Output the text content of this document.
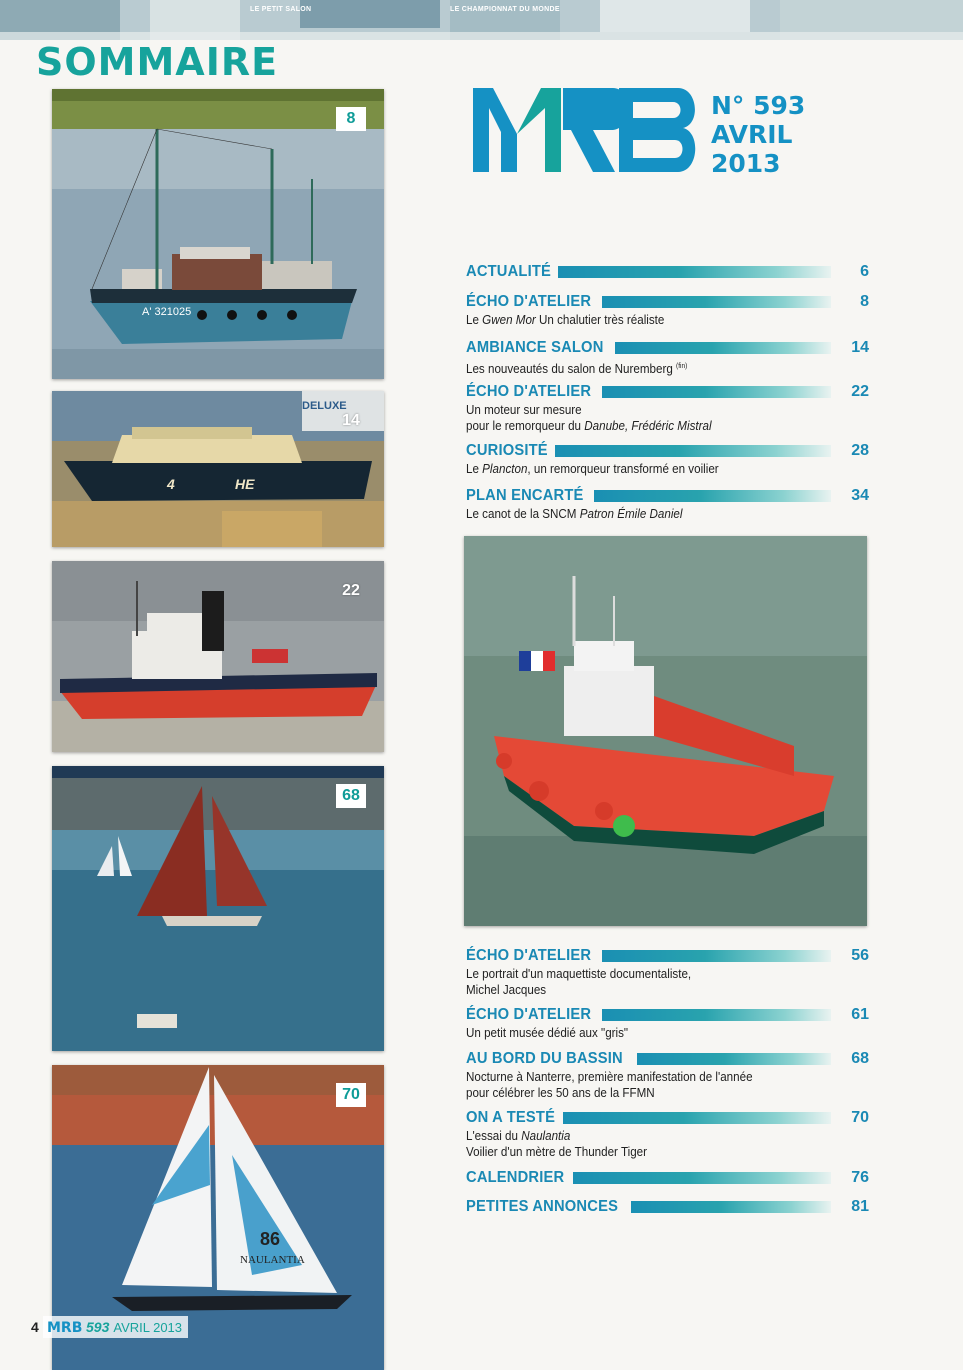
LE CHAMPIONNAT DU MONDE
LE PETIT SALON
SOMMAIRE
A' 321025
8
4	HE
DELUXE
14
22
68
86
NAULANTIA
70
N° 593
AVRIL
2013
ACTUALITÉ	6
ÉCHO D'ATELIER	8
Le Gwen Mor Un chalutier très réaliste
AMBIANCE SALON	14
Les nouveautés du salon de Nuremberg $^{(fin)}$
ÉCHO D'ATELIER	22
Un moteur sur mesure
pour le remorqueur du Danube, Frédéric Mistral
CURIOSITÉ	28
Le Plancton, un remorqueur transformé en voilier
PLAN ENCARTÉ	34
Le canot de la SNCM Patron Émile Daniel
ÉCHO D'ATELIER	56
Le portrait d'un maquettiste documentaliste,
Michel Jacques
ÉCHO D'ATELIER	61
Un petit musée dédié aux "gris"
AU BORD DU BASSIN	68
Nocturne à Nanterre, première manifestation de l'année
pour célébrer les 50 ans de la FFMN
ON A TESTÉ	70
L'essai du Naulantia
Voilier d'un mètre de Thunder Tiger
CALENDRIER	76
PETITES ANNONCES	81
4 MRB 593 AVRIL 2013
